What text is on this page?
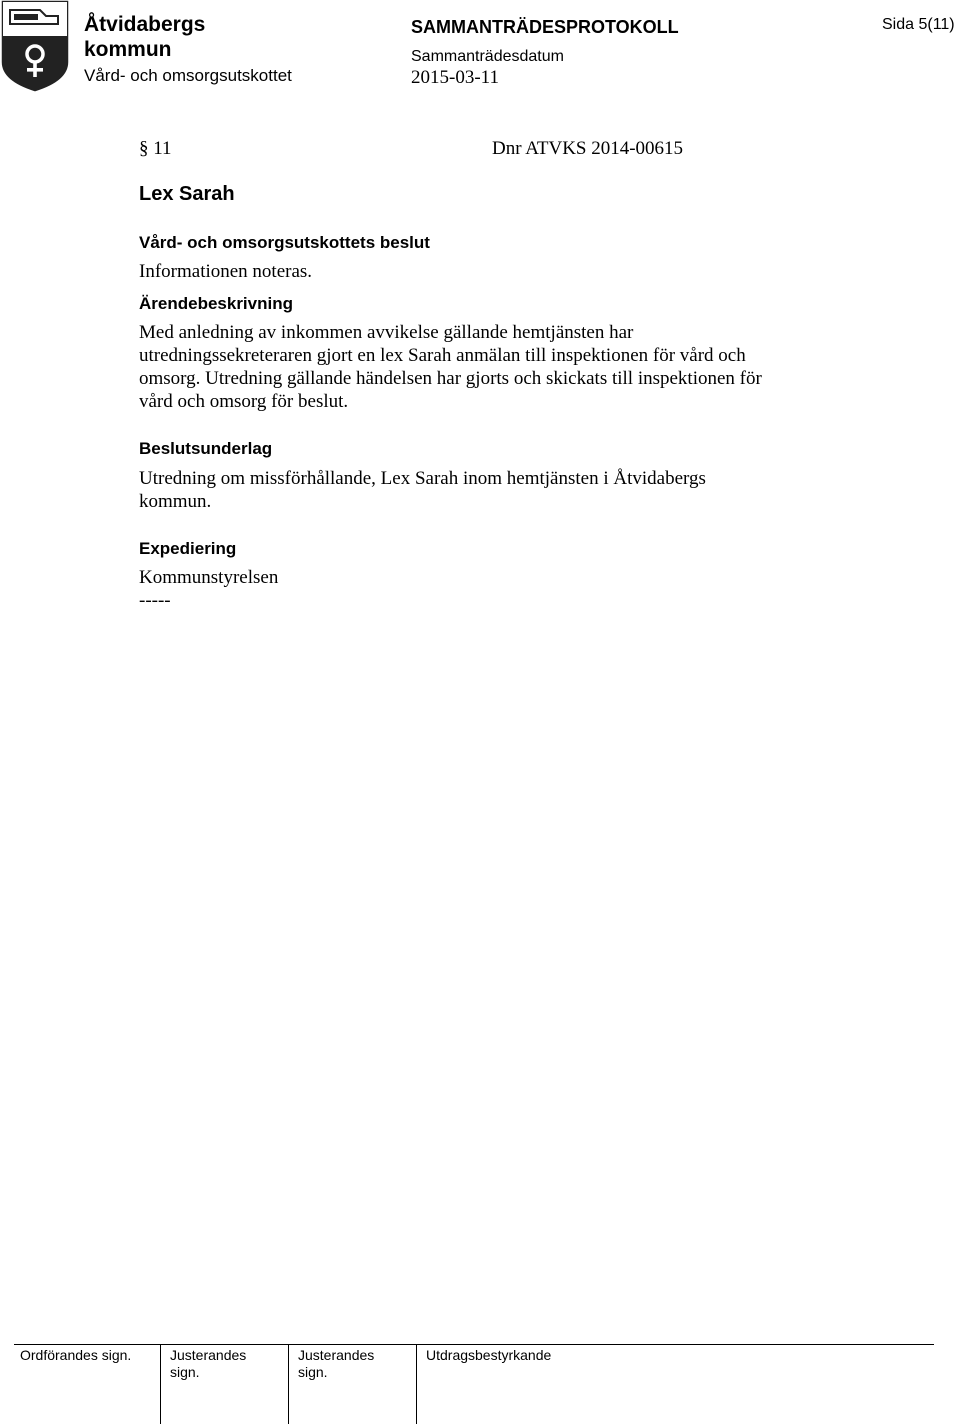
Åtvidabergs
kommun
Vård- och omsorgsutskottet
SAMMANTRÄDESPROTOKOLL
Sammanträdesdatum
2015-03-11
Sida 5(11)
§ 11	Dnr ATVKS 2014-00615
Lex Sarah
Vård- och omsorgsutskottets beslut
Informationen noteras.
Ärendebeskrivning
Med anledning av inkommen avvikelse gällande hemtjänsten har
utredningssekreteraren gjort en lex Sarah anmälan till inspektionen för vård och
omsorg. Utredning gällande händelsen har gjorts och skickats till inspektionen för
vård och omsorg för beslut.
Beslutsunderlag
Utredning om missförhållande, Lex Sarah inom hemtjänsten i Åtvidabergs
kommun.
Expediering
Kommunstyrelsen
-----
Ordförandes sign.	Justerandes
sign.
Justerandes
sign.
Utdragsbestyrkande
